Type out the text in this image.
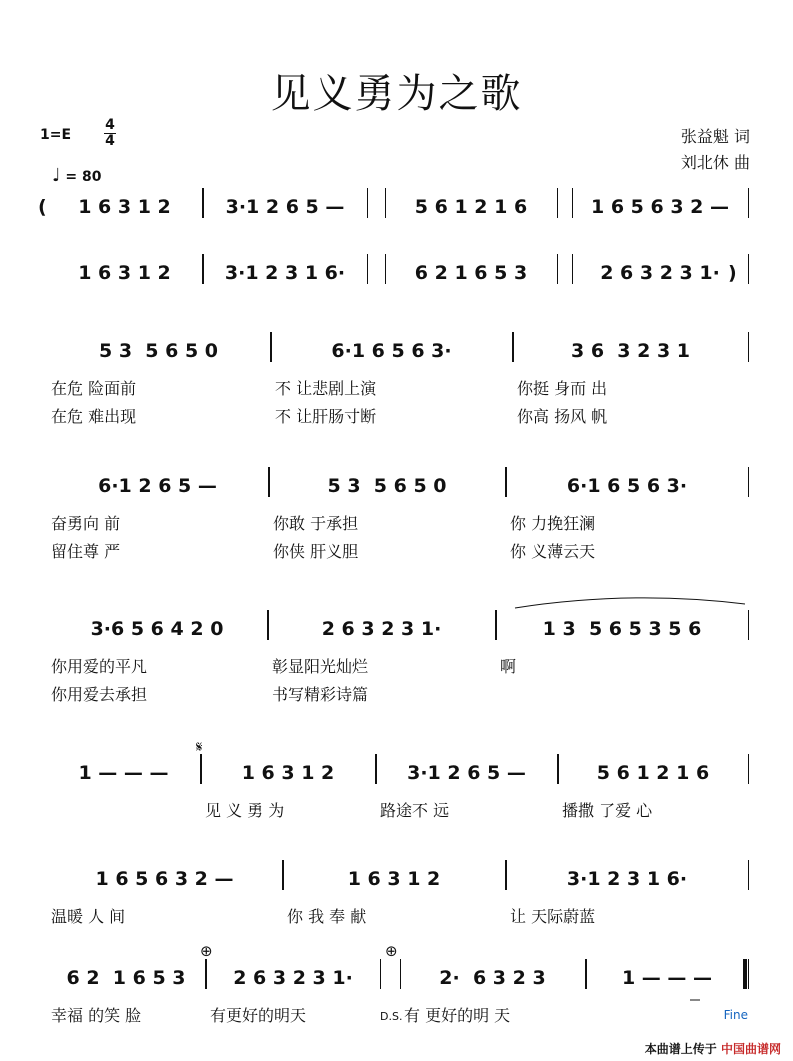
见义勇为之歌
1=E
4
4
♩ = 80
张益魁 词
刘北休 曲
(	1 6 3 1 2	3·1 2 6 5 —	5 6 1 2 1 6	1 6 5 6 3 2 —
1 6 3 1 2	3·1 2 3 1 6·	6 2 1 6 5 3	2 6 3 2 3 1· )
5 3  5 6 5 0
在危 险面前
在危 难出现
6·1 6 5 6 3·
不 让悲剧上演
不 让肝肠寸断
3 6  3 2 3 1
你挺 身而 出
你高 扬风 帆
6·1 2 6 5 —
奋勇向 前
留住尊 严
5 3  5 6 5 0
你敢 于承担
你侠 肝义胆
6·1 6 5 6 3·
你 力挽狂澜
你 义薄云天
3·6 5 6 4 2 0
你用爱的平凡
你用爱去承担
2 6 3 2 3 1·
彰显阳光灿烂
书写精彩诗篇
1 3  5 6 5 3 5 6
啊
1 — — —	1 6 3 1 2
见 义 勇 为
3·1 2 6 5 —
路途不 远
5 6 1 2 1 6
播撒 了爱 心
1 6 5 6 3 2 —
温暖 人 间
1 6 3 1 2
你 我 奉 献
3·1 2 3 1 6·
让 天际蔚蓝
6 2  1 6 5 3
幸福 的笑 脸
2 6 3 2 3 1·
有更好的明天
2·  6 3 2 3
有 更好的明 天
1 — — —
𝄋
⊕	⊕
D.S.	Fine
本曲谱上传于 中国曲谱网
